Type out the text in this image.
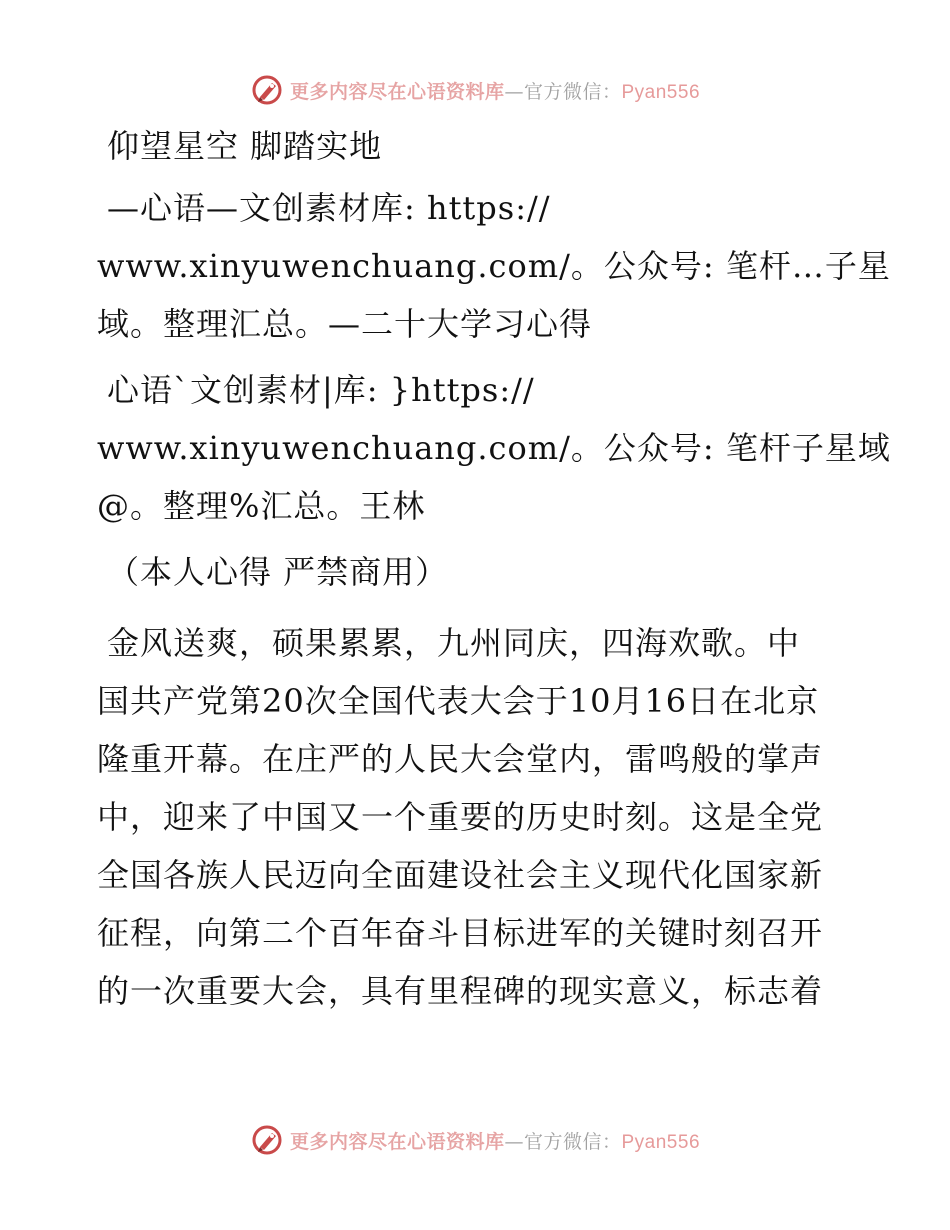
更多内容尽在心语资料库—官方微信：Pyan556
仰望星空 脚踏实地
—心语—文创素材库: https://
www.xinyuwenchuang.com/。公众号: 笔杆…子星
域。整理汇总。—二十大学习心得
心语`文创素材|库: }https://
www.xinyuwenchuang.com/。公众号: 笔杆子星域
@。整理%汇总。王林
（本人心得 严禁商用）
金风送爽，硕果累累，九州同庆，四海欢歌。中
国共产党第20次全国代表大会于10月16日在北京
隆重开幕。在庄严的人民大会堂内，雷鸣般的掌声
中，迎来了中国又一个重要的历史时刻。这是全党
全国各族人民迈向全面建设社会主义现代化国家新
征程，向第二个百年奋斗目标进军的关键时刻召开
的一次重要大会，具有里程碑的现实意义，标志着
更多内容尽在心语资料库—官方微信：Pyan556
